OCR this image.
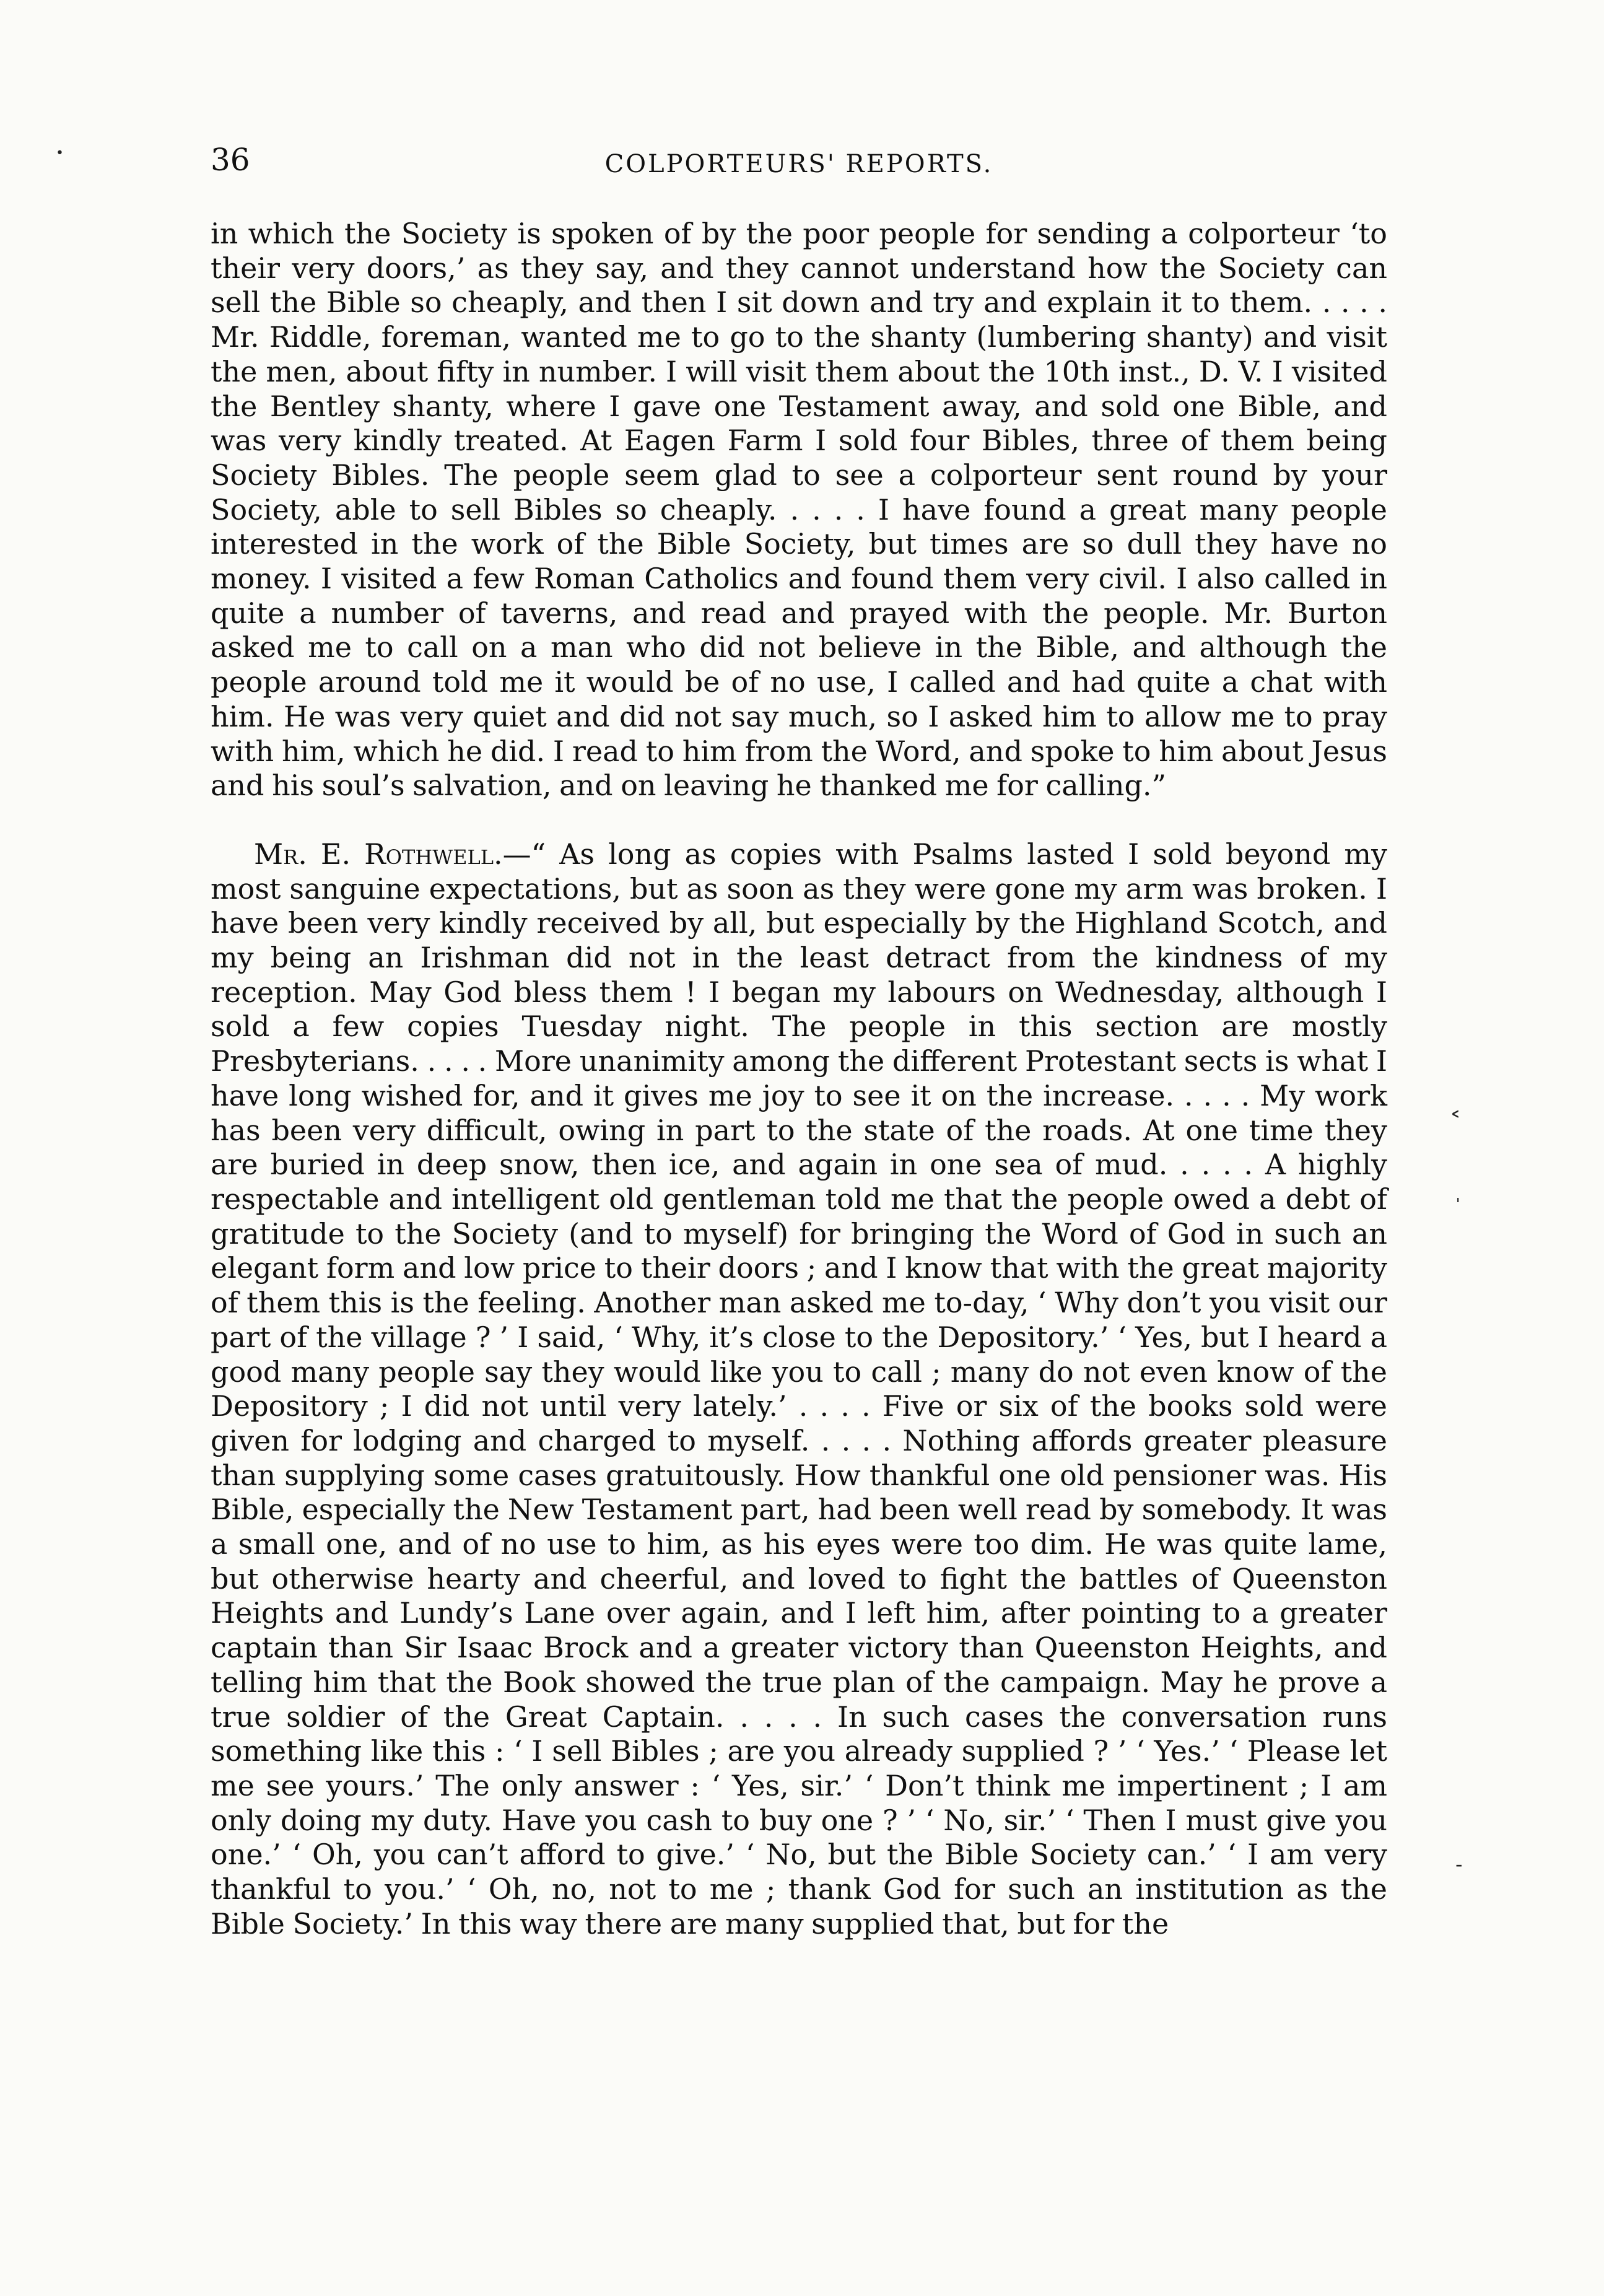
36	COLPORTEURS' REPORTS.

in which the Society is spoken of by the poor people for sending a colporteur ‘to their very doors,’ as they say, and they cannot understand how the Society can sell the Bible so cheaply, and then I sit down and try and explain it to them. . . . . Mr. Riddle, foreman, wanted me to go to the shanty (lumbering shanty) and visit the men, about fifty in number. I will visit them about the 10th inst., D. V. I visited the Bentley shanty, where I gave one Testament away, and sold one Bible, and was very kindly treated. At Eagen Farm I sold four Bibles, three of them being Society Bibles. The people seem glad to see a colporteur sent round by your Society, able to sell Bibles so cheaply. . . . . I have found a great many people interested in the work of the Bible Society, but times are so dull they have no money. I visited a few Roman Catholics and found them very civil. I also called in quite a number of taverns, and read and prayed with the people. Mr. Burton asked me to call on a man who did not believe in the Bible, and although the people around told me it would be of no use, I called and had quite a chat with him. He was very quiet and did not say much, so I asked him to allow me to pray with him, which he did. I read to him from the Word, and spoke to him about Jesus and his soul’s salvation, and on leaving he thanked me for calling.”

Mr. E. Rothwell.—“ As long as copies with Psalms lasted I sold beyond my most sanguine expectations, but as soon as they were gone my arm was broken. I have been very kindly received by all, but especially by the Highland Scotch, and my being an Irishman did not in the least detract from the kindness of my reception. May God bless them ! I began my labours on Wednesday, although I sold a few copies Tuesday night. The people in this section are mostly Presbyterians. . . . . More unanimity among the different Protestant sects is what I have long wished for, and it gives me joy to see it on the increase. . . . . My work has been very difficult, owing in part to the state of the roads. At one time they are buried in deep snow, then ice, and again in one sea of mud. . . . . A highly respectable and intelligent old gentleman told me that the people owed a debt of gratitude to the Society (and to myself) for bringing the Word of God in such an elegant form and low price to their doors ; and I know that with the great majority of them this is the feeling. Another man asked me to-day, ‘ Why don’t you visit our part of the village ? ’ I said, ‘ Why, it’s close to the Depository.’ ‘ Yes, but I heard a good many people say they would like you to call ; many do not even know of the Depository ; I did not until very lately.’ . . . . Five or six of the books sold were given for lodging and charged to myself. . . . . Nothing affords greater pleasure than supplying some cases gratuitously. How thankful one old pensioner was. His Bible, especially the New Testament part, had been well read by somebody. It was a small one, and of no use to him, as his eyes were too dim. He was quite lame, but otherwise hearty and cheerful, and loved to fight the battles of Queenston Heights and Lundy’s Lane over again, and I left him, after pointing to a greater captain than Sir Isaac Brock and a greater victory than Queenston Heights, and telling him that the Book showed the true plan of the campaign. May he prove a true soldier of the Great Captain. . . . . In such cases the conversation runs something like this : ‘ I sell Bibles ; are you already supplied ? ’ ‘ Yes.’ ‘ Please let me see yours.’ The only answer : ‘ Yes, sir.’ ‘ Don’t think me impertinent ; I am only doing my duty. Have you cash to buy one ? ’ ‘ No, sir.’ ‘ Then I must give you one.’ ‘ Oh, you can’t afford to give.’ ‘ No, but the Bible Society can.’ ‘ I am very thankful to you.’ ‘ Oh, no, not to me ; thank God for such an institution as the Bible Society.’ In this way there are many supplied that, but for the

•
˂
ˈ
˗
